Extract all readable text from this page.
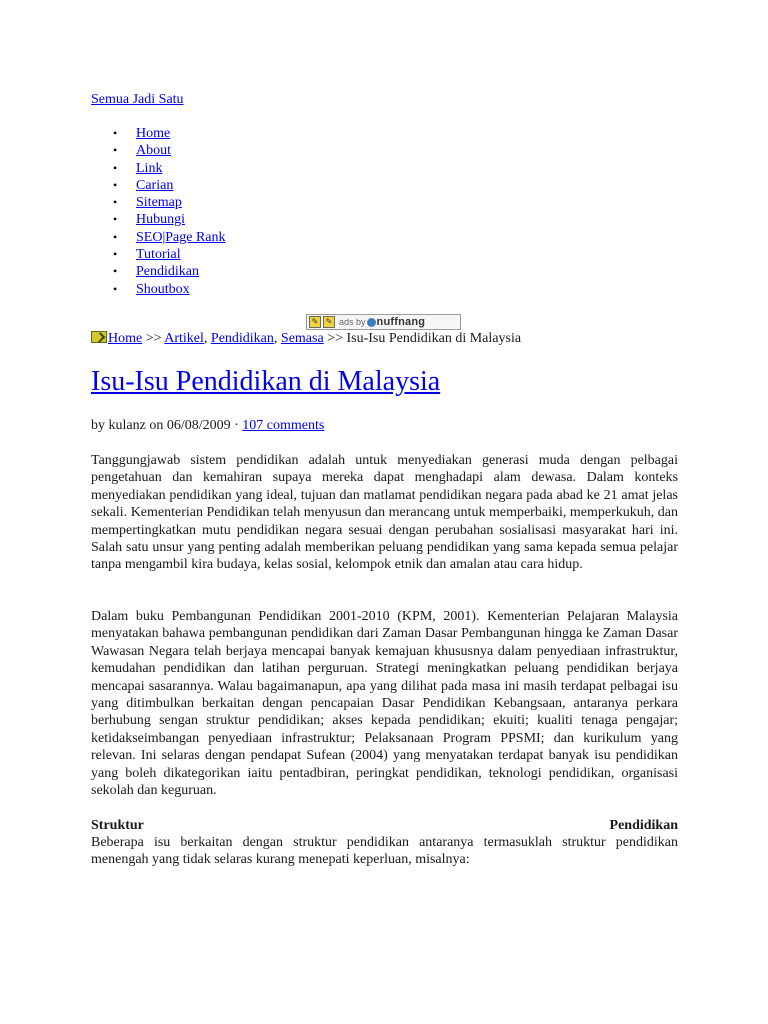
Semua Jadi Satu
• Home
• About
• Link
• Carian
• Sitemap
• Hubungi
• SEO|Page Rank
• Tutorial
• Pendidikan
• Shoutbox
✎ ✎ ads by nuffnang
Home >> Artikel, Pendidikan, Semasa >> Isu-Isu Pendidikan di Malaysia
Isu-Isu Pendidikan di Malaysia
by kulanz on 06/08/2009 · 107 comments

Tanggungjawab sistem pendidikan adalah untuk menyediakan generasi muda dengan pelbagai pengetahuan dan kemahiran supaya mereka dapat menghadapi alam dewasa. Dalam konteks menyediakan pendidikan yang ideal, tujuan dan matlamat pendidikan negara pada abad ke 21 amat jelas sekali. Kementerian Pendidikan telah menyusun dan merancang untuk memperbaiki, memperkukuh, dan mempertingkatkan mutu pendidikan negara sesuai dengan perubahan sosialisasi masyarakat hari ini. Salah satu unsur yang penting adalah memberikan peluang pendidikan yang sama kepada semua pelajar tanpa mengambil kira budaya, kelas sosial, kelompok etnik dan amalan atau cara hidup.

Dalam buku Pembangunan Pendidikan 2001-2010 (KPM, 2001). Kementerian Pelajaran Malaysia menyatakan bahawa pembangunan pendidikan dari Zaman Dasar Pembangunan hingga ke Zaman Dasar Wawasan Negara telah berjaya mencapai banyak kemajuan khususnya dalam penyediaan infrastruktur, kemudahan pendidikan dan latihan perguruan. Strategi meningkatkan peluang pendidikan berjaya mencapai sasarannya. Walau bagaimanapun, apa yang dilihat pada masa ini masih terdapat pelbagai isu yang ditimbulkan berkaitan dengan pencapaian Dasar Pendidikan Kebangsaan, antaranya perkara berhubung sengan struktur pendidikan; akses kepada pendidikan; ekuiti; kualiti tenaga pengajar; ketidakseimbangan penyediaan infrastruktur; Pelaksanaan Program PPSMI; dan kurikulum yang relevan. Ini selaras dengan pendapat Sufean (2004) yang menyatakan terdapat banyak isu pendidikan yang boleh dikategorikan iaitu pentadbiran, peringkat pendidikan, teknologi pendidikan, organisasi sekolah dan keguruan.

Struktur	Pendidikan

Beberapa isu berkaitan dengan struktur pendidikan antaranya termasuklah struktur pendidikan menengah yang tidak selaras kurang menepati keperluan, misalnya:
